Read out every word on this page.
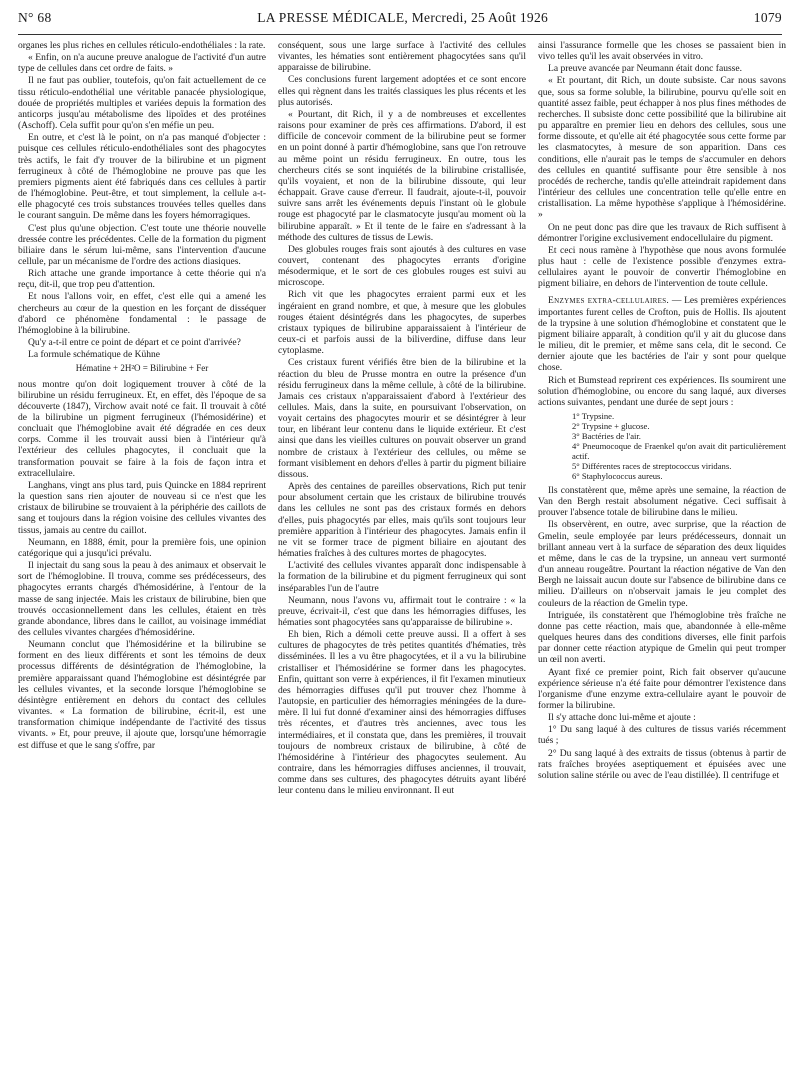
N° 68	LA PRESSE MÉDICALE, Mercredi, 25 Août 1926	1079

organes les plus riches en cellules réticulo-endothéliales : la rate.

« Enfin, on n'a aucune preuve analogue de l'activité d'un autre type de cellules dans cet ordre de faits. »

Il ne faut pas oublier, toutefois, qu'on fait actuellement de ce tissu réticulo-endothélial une véritable panacée physiologique, douée de propriétés multiples et variées depuis la formation des anticorps jusqu'au métabolisme des lipoïdes et des protéines (Aschoff). Cela suffit pour qu'on s'en méfie un peu.

En outre, et c'est là le point, on n'a pas manqué d'objecter : puisque ces cellules réticulo-endothéliales sont des phagocytes très actifs, le fait d'y trouver de la bilirubine et un pigment ferrugineux à côté de l'hémoglobine ne prouve pas que les premiers pigments aient été fabriqués dans ces cellules à partir de l'hémoglobine. Peut-être, et tout simplement, la cellule a-t-elle phagocyté ces trois substances trouvées telles quelles dans le courant sanguin. De même dans les foyers hémorragiques.

C'est plus qu'une objection. C'est toute une théorie nouvelle dressée contre les précédentes. Celle de la formation du pigment biliaire dans le sérum lui-même, sans l'intervention d'aucune cellule, par un mécanisme de l'ordre des actions diasiques.

Rich attache une grande importance à cette théorie qui n'a reçu, dit-il, que trop peu d'attention.

Et nous l'allons voir, en effet, c'est elle qui a amené les chercheurs au cœur de la question en les forçant de disséquer d'abord ce phénomène fondamental : le passage de l'hémoglobine à la bilirubine.

Qu'y a-t-il entre ce point de départ et ce point d'arrivée?

La formule schématique de Kühne

Hématine + 2H²O = Bilirubine + Fer

nous montre qu'on doit logiquement trouver à côté de la bilirubine un résidu ferrugineux. Et, en effet, dès l'époque de sa découverte (1847), Virchow avait noté ce fait. Il trouvait à côté de la bilirubine un pigment ferrugineux (l'hémosidérine) et concluait que l'hémoglobine avait été dégradée en ces deux corps. Comme il les trouvait aussi bien à l'intérieur qu'à l'extérieur des cellules phagocytes, il concluait que la transformation pouvait se faire à la fois de façon intra et extracellulaire.

Langhans, vingt ans plus tard, puis Quincke en 1884 reprirent la question sans rien ajouter de nouveau si ce n'est que les cristaux de bilirubine se trouvaient à la périphérie des caillots de sang et toujours dans la région voisine des cellules vivantes des tissus, jamais au centre du caillot.

Neumann, en 1888, émit, pour la première fois, une opinion catégorique qui a jusqu'ici prévalu.

Il injectait du sang sous la peau à des animaux et observait le sort de l'hémoglobine. Il trouva, comme ses prédécesseurs, des phagocytes errants chargés d'hémosidérine, à l'entour de la masse de sang injectée. Mais les cristaux de bilirubine, bien que trouvés occasionnellement dans les cellules, étaient en très grande abondance, libres dans le caillot, au voisinage immédiat des cellules vivantes chargées d'hémosidérine.

Neumann conclut que l'hémosidérine et la bilirubine se forment en des lieux différents et sont les témoins de deux processus différents de désintégration de l'hémoglobine, la première apparaissant quand l'hémoglobine est désintégrée par les cellules vivantes, et la seconde lorsque l'hémoglobine se désintègre entièrement en dehors du contact des cellules vivantes. « La formation de bilirubine, écrit-il, est une transformation chimique indépendante de l'activité des tissus vivants. » Et, pour preuve, il ajoute que, lorsqu'une hémorragie est diffuse et que le sang s'offre, par

conséquent, sous une large surface à l'activité des cellules vivantes, les hématies sont entièrement phagocytées sans qu'il apparaisse de bilirubine.

Ces conclusions furent largement adoptées et ce sont encore elles qui règnent dans les traités classiques les plus récents et les plus autorisés.

« Pourtant, dit Rich, il y a de nombreuses et excellentes raisons pour examiner de près ces affirmations. D'abord, il est difficile de concevoir comment de la bilirubine peut se former en un point donné à partir d'hémoglobine, sans que l'on retrouve au même point un résidu ferrugineux. En outre, tous les chercheurs cités se sont inquiétés de la bilirubine cristallisée, qu'ils voyaient, et non de la bilirubine dissoute, qui leur échappait. Grave cause d'erreur. Il faudrait, ajoute-t-il, pouvoir suivre sans arrêt les événements depuis l'instant où le globule rouge est phagocyté par le clasmatocyte jusqu'au moment où la bilirubine apparaît. » Et il tente de le faire en s'adressant à la méthode des cultures de tissus de Lewis.

Des globules rouges frais sont ajoutés à des cultures en vase couvert, contenant des phagocytes errants d'origine mésodermique, et le sort de ces globules rouges est suivi au microscope.

Rich vit que les phagocytes erraient parmi eux et les ingéraient en grand nombre, et que, à mesure que les globules rouges étaient désintégrés dans les phagocytes, de superbes cristaux typiques de bilirubine apparaissaient à l'intérieur de ceux-ci et parfois aussi de la biliverdine, diffuse dans leur cytoplasme.

Ces cristaux furent vérifiés être bien de la bilirubine et la réaction du bleu de Prusse montra en outre la présence d'un résidu ferrugineux dans la même cellule, à côté de la bilirubine. Jamais ces cristaux n'apparaissaient d'abord à l'extérieur des cellules. Mais, dans la suite, en poursuivant l'observation, on voyait certains des phagocytes mourir et se désintégrer à leur tour, en libérant leur contenu dans le liquide extérieur. Et c'est ainsi que dans les vieilles cultures on pouvait observer un grand nombre de cristaux à l'extérieur des cellules, ou même se formant visiblement en dehors d'elles à partir du pigment biliaire dissous.

Après des centaines de pareilles observations, Rich put tenir pour absolument certain que les cristaux de bilirubine trouvés dans les cellules ne sont pas des cristaux formés en dehors d'elles, puis phagocytés par elles, mais qu'ils sont toujours leur première apparition à l'intérieur des phagocytes. Jamais enfin il ne vit se former trace de pigment biliaire en ajoutant des hématies fraîches à des cultures mortes de phagocytes.

L'activité des cellules vivantes apparaît donc indispensable à la formation de la bilirubine et du pigment ferrugineux qui sont inséparables l'un de l'autre

Neumann, nous l'avons vu, affirmait tout le contraire : « la preuve, écrivait-il, c'est que dans les hémorragies diffuses, les hématies sont phagocytées sans qu'apparaisse de bilirubine ».

Eh bien, Rich a démoli cette preuve aussi. Il a offert à ses cultures de phagocytes de très petites quantités d'hématies, très disséminées. Il les a vu être phagocytées, et il a vu la bilirubine cristalliser et l'hémosidérine se former dans les phagocytes. Enfin, quittant son verre à expériences, il fit l'examen minutieux des hémorragies diffuses qu'il put trouver chez l'homme à l'autopsie, en particulier des hémorragies méningées de la dure-mère. Il lui fut donné d'examiner ainsi des hémorragies diffuses très récentes, et d'autres très anciennes, avec tous les intermédiaires, et il constata que, dans les premières, il trouvait toujours de nombreux cristaux de bilirubine, à côté de l'hémosidérine à l'intérieur des phagocytes seulement. Au contraire, dans les hémorragies diffuses anciennes, il trouvait, comme dans ses cultures, des phagocytes détruits ayant libéré leur contenu dans le milieu environnant. Il eut

ainsi l'assurance formelle que les choses se passaient bien in vivo telles qu'il les avait observées in vitro.

La preuve avancée par Neumann était donc fausse.

« Et pourtant, dit Rich, un doute subsiste. Car nous savons que, sous sa forme soluble, la bilirubine, pourvu qu'elle soit en quantité assez faible, peut échapper à nos plus fines méthodes de recherches. Il subsiste donc cette possibilité que la bilirubine ait pu apparaître en premier lieu en dehors des cellules, sous une forme dissoute, et qu'elle ait été phagocytée sous cette forme par les clasmatocytes, à mesure de son apparition. Dans ces conditions, elle n'aurait pas le temps de s'accumuler en dehors des cellules en quantité suffisante pour être sensible à nos procédés de recherche, tandis qu'elle atteindrait rapidement dans l'intérieur des cellules une concentration telle qu'elle entre en cristallisation. La même hypothèse s'applique à l'hémosidérine. »

On ne peut donc pas dire que les travaux de Rich suffisent à démontrer l'origine exclusivement endocellulaire du pigment.

Et ceci nous ramène à l'hypothèse que nous avons formulée plus haut : celle de l'existence possible d'enzymes extra-cellulaires ayant le pouvoir de convertir l'hémoglobine en pigment biliaire, en dehors de l'intervention de toute cellule.

Enzymes extra-cellulaires. — Les premières expériences importantes furent celles de Crofton, puis de Hollis. Ils ajoutent de la trypsine à une solution d'hémoglobine et constatent que le pigment biliaire apparaît, à condition qu'il y ait du glucose dans le milieu, dit le premier, et même sans cela, dit le second. Ce dernier ajoute que les bactéries de l'air y sont pour quelque chose.

Rich et Bumstead reprirent ces expériences. Ils soumirent une solution d'hémoglobine, ou encore du sang laqué, aux diverses actions suivantes, pendant une durée de sept jours :

1° Trypsine.
2° Trypsine + glucose.
3° Bactéries de l'air.
4° Pneumocoque de Fraenkel qu'on avait dit particulièrement actif.
5° Différentes races de streptococcus viridans.
6° Staphylococcus aureus.

Ils constatèrent que, même après une semaine, la réaction de Van den Bergh restait absolument négative. Ceci suffisait à prouver l'absence totale de bilirubine dans le milieu.

Ils observèrent, en outre, avec surprise, que la réaction de Gmelin, seule employée par leurs prédécesseurs, donnait un brillant anneau vert à la surface de séparation des deux liquides et même, dans le cas de la trypsine, un anneau vert surmonté d'un anneau rougeâtre. Pourtant la réaction négative de Van den Bergh ne laissait aucun doute sur l'absence de bilirubine dans ce milieu. D'ailleurs on n'observait jamais le jeu complet des couleurs de la réaction de Gmelin type.

Intriguée, ils constatèrent que l'hémoglobine très fraîche ne donne pas cette réaction, mais que, abandonnée à elle-même quelques heures dans des conditions diverses, elle finit parfois par donner cette réaction atypique de Gmelin qui peut tromper un œil non averti.

Ayant fixé ce premier point, Rich fait observer qu'aucune expérience sérieuse n'a été faite pour démontrer l'existence dans l'organisme d'une enzyme extra-cellulaire ayant le pouvoir de former la bilirubine.

Il s'y attache donc lui-même et ajoute :

1° Du sang laqué à des cultures de tissus variés récemment tués ;

2° Du sang laqué à des extraits de tissus (obtenus à partir de rats fraîches broyées aseptiquement et épuisées avec une solution saline stérile ou avec de l'eau distillée). Il centrifuge et
